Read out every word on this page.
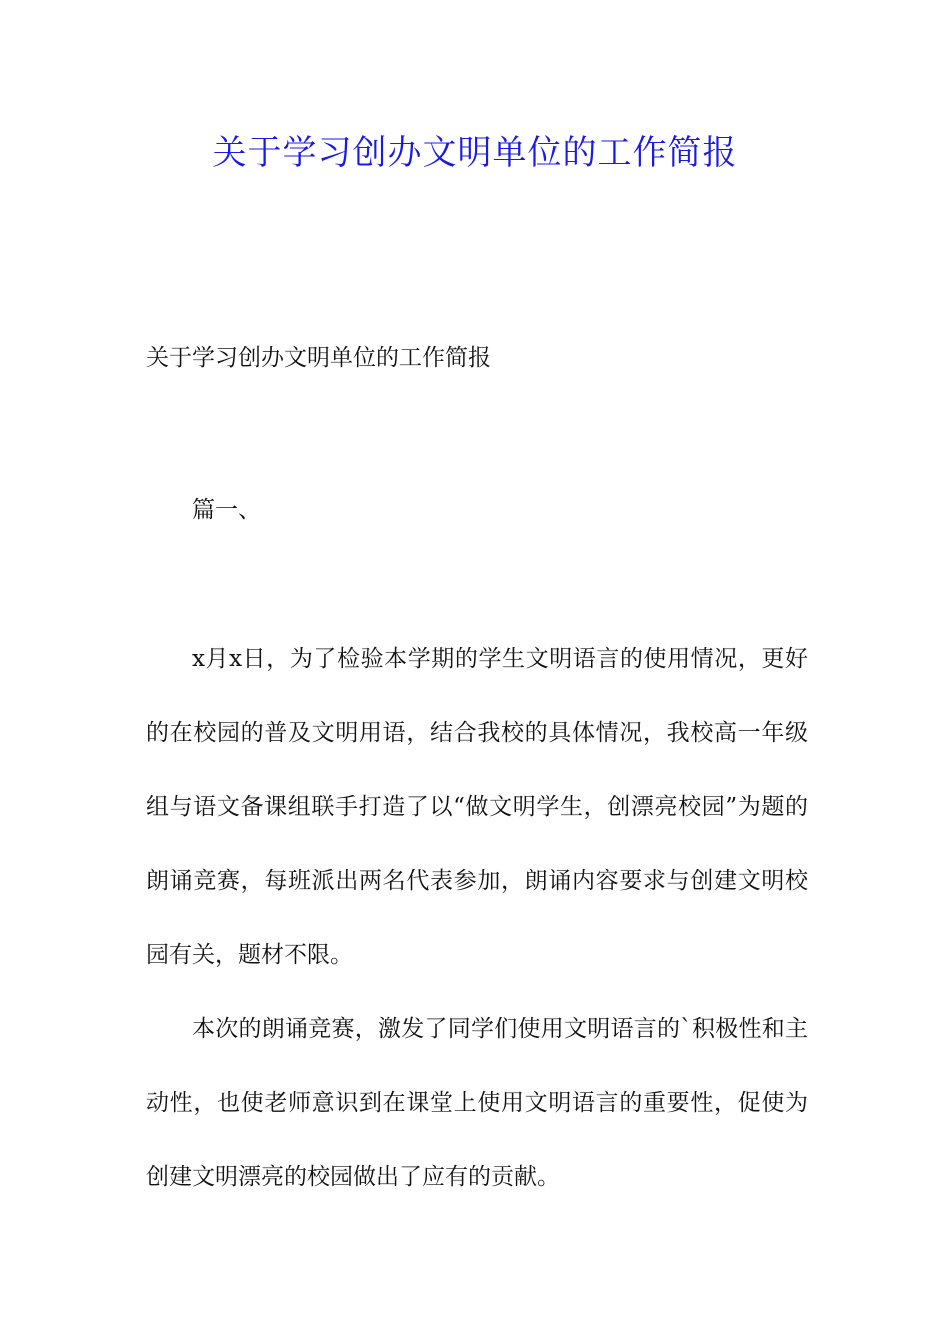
关于学习创办文明单位的工作简报

关于学习创办文明单位的工作简报

篇一、

x月x日，为了检验本学期的学生文明语言的使用情况，更好的在校园的普及文明用语，结合我校的具体情况，我校高一年级组与语文备课组联手打造了以“做文明学生，创漂亮校园”为题的朗诵竞赛，每班派出两名代表参加，朗诵内容要求与创建文明校园有关，题材不限。

本次的朗诵竞赛，激发了同学们使用文明语言的`积极性和主动性，也使老师意识到在课堂上使用文明语言的重要性，促使为创建文明漂亮的校园做出了应有的贡献。
